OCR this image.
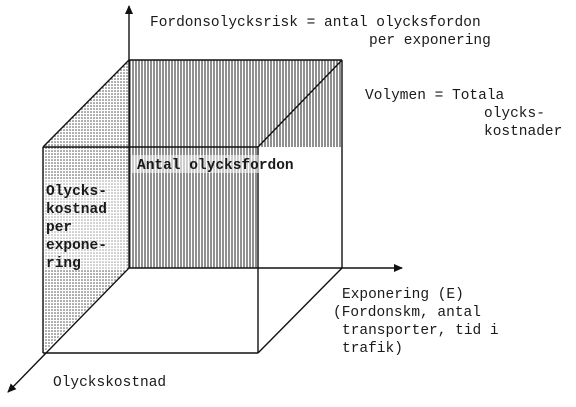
Fordonsolycksrisk = antal olycksfordon
per exponering
Volymen = Totala
olycks-
kostnader
Antal olycksfordon
Olycks-
kostnad
per
expone-
ring
Exponering (E)
(Fordonskm, antal
transporter, tid i
trafik)
Olyckskostnad
